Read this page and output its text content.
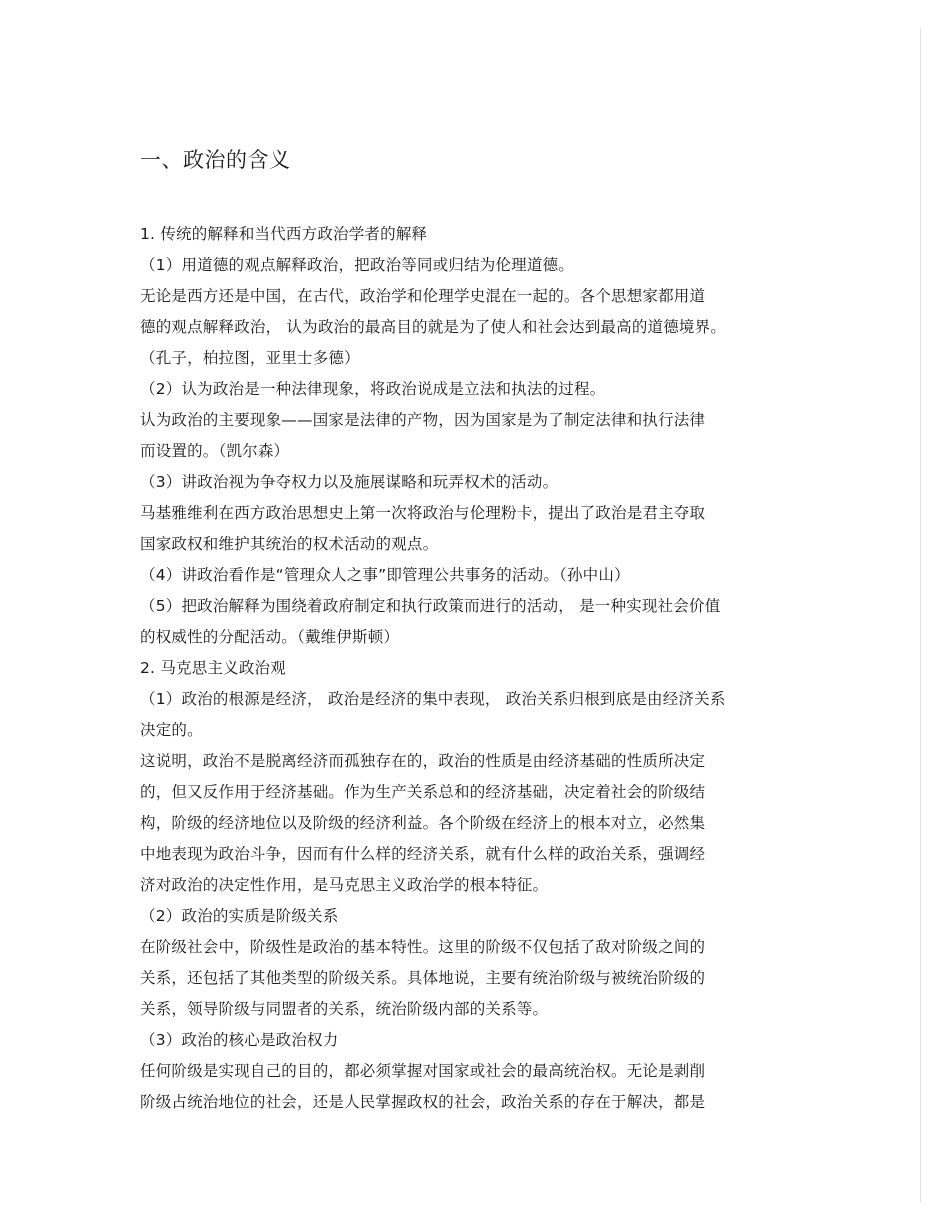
一、政治的含义
1. 传统的解释和当代西方政治学者的解释
（1）用道德的观点解释政治，把政治等同或归结为伦理道德。
无论是西方还是中国，在古代，政治学和伦理学史混在一起的。各个思想家都用道
德的观点解释政治， 认为政治的最高目的就是为了使人和社会达到最高的道德境界。
（孔子，柏拉图，亚里士多德）
（2）认为政治是一种法律现象，将政治说成是立法和执法的过程。
认为政治的主要现象——国家是法律的产物，因为国家是为了制定法律和执行法律
而设置的。（凯尔森）
（3）讲政治视为争夺权力以及施展谋略和玩弄权术的活动。
马基雅维利在西方政治思想史上第一次将政治与伦理粉卡，提出了政治是君主夺取
国家政权和维护其统治的权术活动的观点。
（4）讲政治看作是“管理众人之事”即管理公共事务的活动。（孙中山）
（5）把政治解释为围绕着政府制定和执行政策而进行的活动， 是一种实现社会价值
的权威性的分配活动。（戴维伊斯顿）
2. 马克思主义政治观
（1）政治的根源是经济， 政治是经济的集中表现， 政治关系归根到底是由经济关系
决定的。
这说明，政治不是脱离经济而孤独存在的，政治的性质是由经济基础的性质所决定
的，但又反作用于经济基础。作为生产关系总和的经济基础，决定着社会的阶级结
构，阶级的经济地位以及阶级的经济利益。各个阶级在经济上的根本对立，必然集
中地表现为政治斗争，因而有什么样的经济关系，就有什么样的政治关系，强调经
济对政治的决定性作用，是马克思主义政治学的根本特征。
（2）政治的实质是阶级关系
在阶级社会中，阶级性是政治的基本特性。这里的阶级不仅包括了敌对阶级之间的
关系，还包括了其他类型的阶级关系。具体地说，主要有统治阶级与被统治阶级的
关系，领导阶级与同盟者的关系，统治阶级内部的关系等。
（3）政治的核心是政治权力
任何阶级是实现自己的目的，都必须掌握对国家或社会的最高统治权。无论是剥削
阶级占统治地位的社会，还是人民掌握政权的社会，政治关系的存在于解决，都是
